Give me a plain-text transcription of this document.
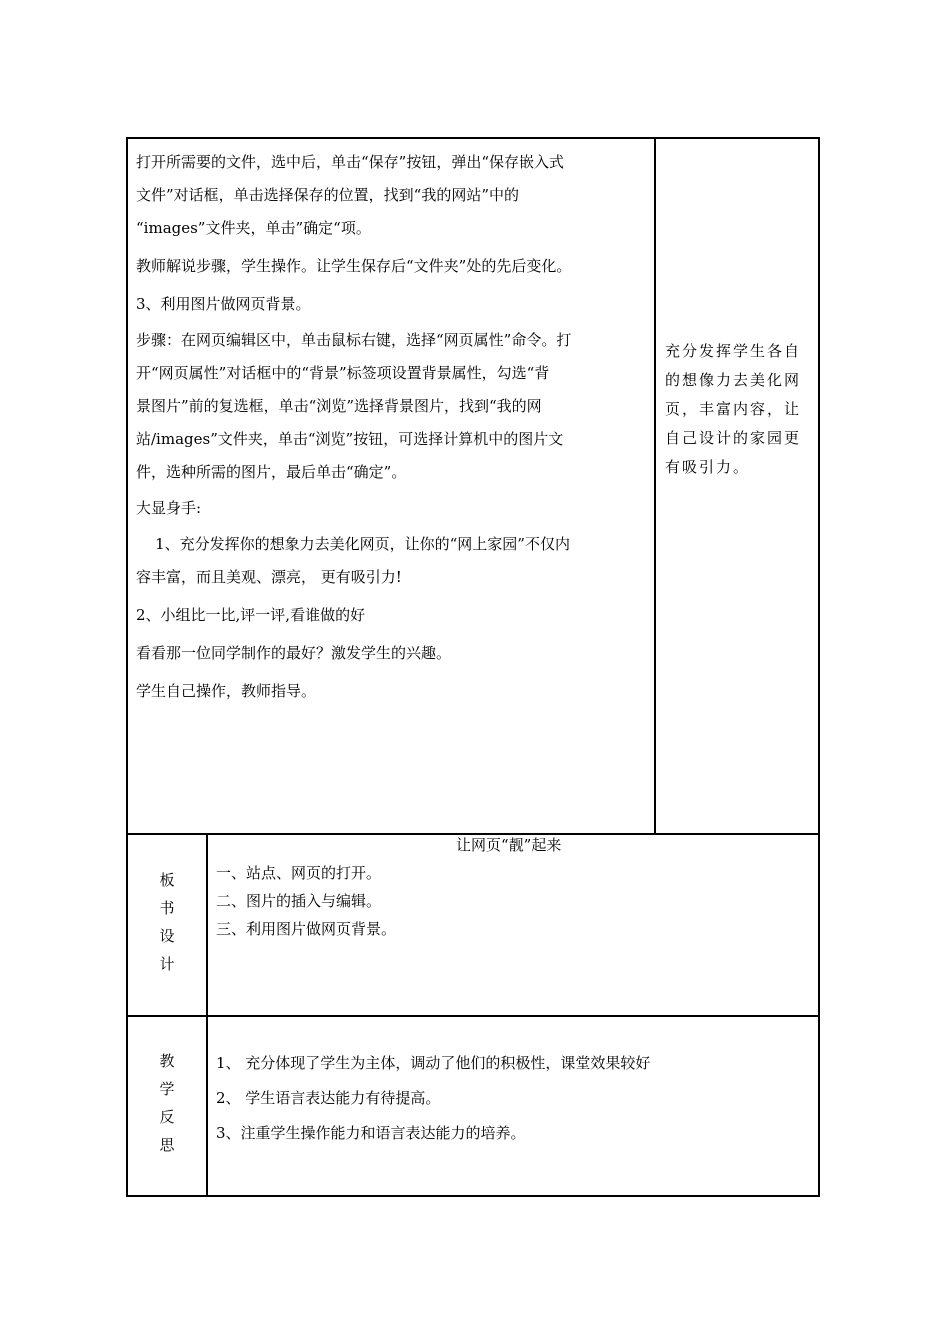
打开所需要的文件，选中后，单击“保存”按钮，弹出“保存嵌入式
文件”对话框，单击选择保存的位置，找到“我的网站”中的
“images”文件夹，单击”确定“项。
教师解说步骤，学生操作。让学生保存后“文件夹”处的先后变化。
3、利用图片做网页背景。
步骤：在网页编辑区中，单击鼠标右键，选择“网页属性”命令。打
开“网页属性”对话框中的“背景”标签项设置背景属性，勾选“背
景图片”前的复选框，单击“浏览”选择背景图片，找到“我的网
站/images”文件夹，单击“浏览”按钮，可选择计算机中的图片文
件，选种所需的图片，最后单击“确定”。
大显身手:
1、充分发挥你的想象力去美化网页，让你的“网上家园”不仅内
容丰富，而且美观、漂亮， 更有吸引力!
2、小组比一比,评一评,看谁做的好
看看那一位同学制作的最好？激发学生的兴趣。
学生自己操作，教师指导。
充分发挥学生各自
的想像力去美化网
页，丰富内容，让
自己设计的家园更
有吸引力。
板
书
设
计
让网页“靓”起来
一、站点、网页的打开。
二、图片的插入与编辑。
三、利用图片做网页背景。
教
学
反
思
1、 充分体现了学生为主体，调动了他们的积极性，课堂效果较好
2、 学生语言表达能力有待提高。
3、注重学生操作能力和语言表达能力的培养。
